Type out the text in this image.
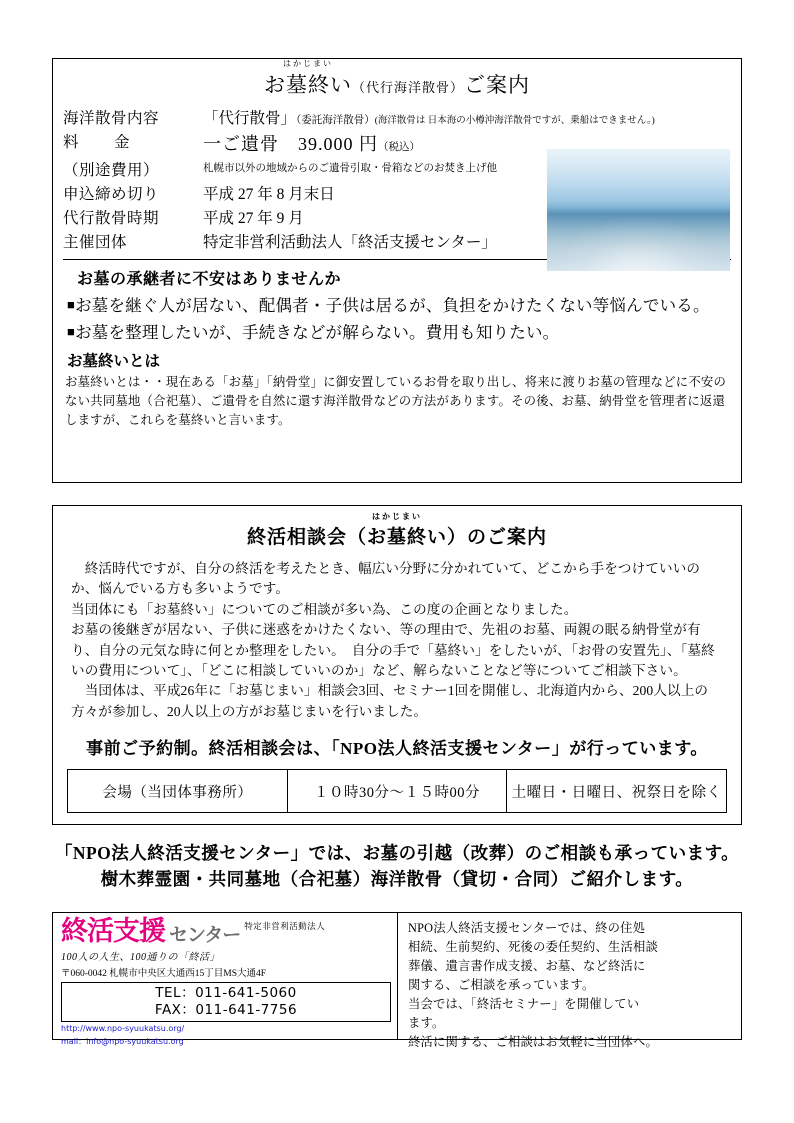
はかじまい
お墓終い（代行海洋散骨）ご案内
海洋散骨内容	「代行散骨」（委託海洋散骨）(海洋散骨は 日本海の小樽沖海洋散骨ですが、乗船はできません。)
料　金	一ご遺骨　39.000 円（税込）
（別途費用）	札幌市以外の地域からのご遺骨引取・骨箱などのお焚き上げ他
申込締め切り	平成 27 年 8 月末日
代行散骨時期	平成 27 年 9 月
主催団体	特定非営利活動法人「終活支援センター」
お墓の承継者に不安はありませんか
■お墓を継ぐ人が居ない、配偶者・子供は居るが、負担をかけたくない等悩んでいる。
■お墓を整理したいが、手続きなどが解らない。費用も知りたい。
お墓終いとは
お墓終いとは・・現在ある「お墓」「納骨堂」に御安置しているお骨を取り出し、将来に渡りお墓の管理などに不安のない共同墓地（合祀墓）、ご遺骨を自然に還す海洋散骨などの方法があります。その後、お墓、納骨堂を管理者に返還しますが、これらを墓終いと言います。
はかじまい
終活相談会（お墓終い）のご案内
　終活時代ですが、自分の終活を考えたとき、幅広い分野に分かれていて、どこから手をつけていいのか、悩んでいる方も多いようです。
当団体にも「お墓終い」についてのご相談が多い為、この度の企画となりました。
お墓の後継ぎが居ない、子供に迷惑をかけたくない、等の理由で、先祖のお墓、両親の眠る納骨堂が有り、自分の元気な時に何とか整理をしたい。　自分の手で「墓終い」をしたいが、「お骨の安置先」、「墓終いの費用について」、「どこに相談していいのか」など、解らないことなど等についてご相談下さい。
　当団体は、平成26年に「お墓じまい」相談会3回、セミナー1回を開催し、北海道内から、200人以上の方々が参加し、20人以上の方がお墓じまいを行いました。
事前ご予約制。終活相談会は、「NPO法人終活支援センター」が行っています。
会場（当団体事務所）	１０時30分～１５時00分	土曜日・日曜日、祝祭日を除く
「NPO法人終活支援センター」では、お墓の引越（改葬）のご相談も承っています。
樹木葬霊園・共同墓地（合祀墓）海洋散骨（貸切・合同）ご紹介します。
終活支援 センター 特定非営利活動法人
100人の人生、100通りの「終活」
〒060-0042 札幌市中央区大通西15丁目MS大通4F
TEL：011-641-5060
FAX：011-641-7756
http://www.npo-syuukatsu.org/
mall：info@npo-syuukatsu.org

NPO法人終活支援センターでは、終の住処

相続、生前契約、死後の委任契約、生活相談

葬儀、遺言書作成支援、お墓、など終活に

関する、ご相談を承っています。

当会では、「終活セミナー」を開催してい

ます。

終活に関する、ご相談はお気軽に当団体へ。
